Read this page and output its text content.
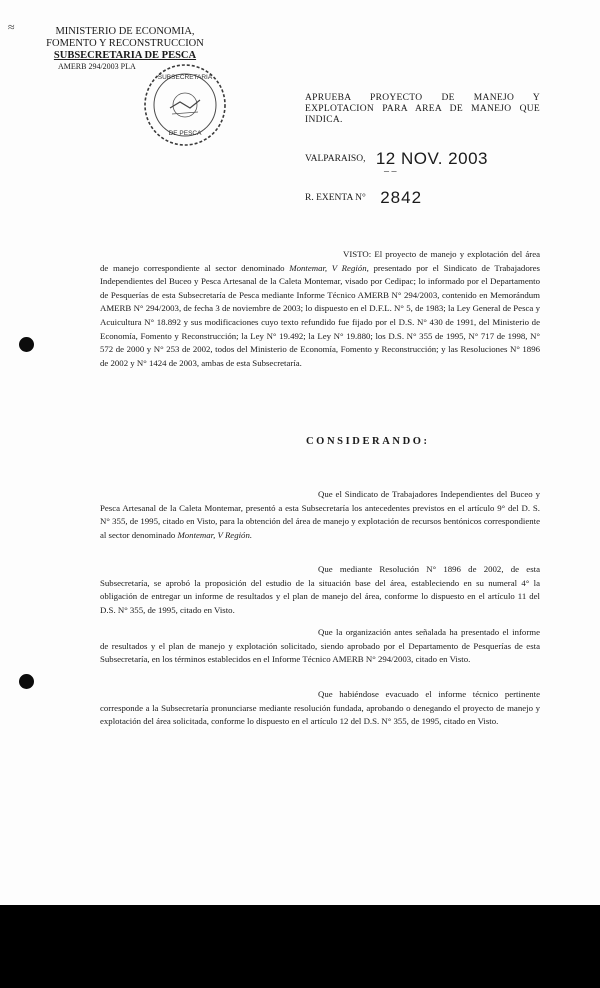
≈	MINISTERIO DE ECONOMIA,
FOMENTO Y RECONSTRUCCION
SUBSECRETARIA DE PESCA
AMERB 294/2003 PLA
SUBSECRETARIA
DE PESCA
APRUEBA PROYECTO DE MANEJO Y EXPLOTACION PARA AREA DE MANEJO QUE INDICA.
VALPARAISO, 12 NOV. 2003
– –
R. EXENTA N° 2842
VISTO: El proyecto de manejo y explotación del área de manejo correspondiente al sector denominado Montemar, V Región, presentado por el Sindicato de Trabajadores Independientes del Buceo y Pesca Artesanal de la Caleta Montemar, visado por Cedipac; lo informado por el Departamento de Pesquerías de esta Subsecretaría de Pesca mediante Informe Técnico AMERB N° 294/2003, contenido en Memorándum AMERB N° 294/2003, de fecha 3 de noviembre de 2003; lo dispuesto en el D.F.L. N° 5, de 1983; la Ley General de Pesca y Acuicultura N° 18.892 y sus modificaciones cuyo texto refundido fue fijado por el D.S. N° 430 de 1991, del Ministerio de Economía, Fomento y Reconstrucción; la Ley N° 19.492; la Ley N° 19.880; los D.S. N° 355 de 1995, N° 717 de 1998, N° 572 de 2000 y N° 253 de 2002, todos del Ministerio de Economía, Fomento y Reconstrucción; y las Resoluciones N° 1896 de 2002 y N° 1424 de 2003, ambas de esta Subsecretaría.
CONSIDERANDO:
Que el Sindicato de Trabajadores Independientes del Buceo y Pesca Artesanal de la Caleta Montemar, presentó a esta Subsecretaría los antecedentes previstos en el artículo 9° del D. S. N° 355, de 1995, citado en Visto, para la obtención del área de manejo y explotación de recursos bentónicos correspondiente al sector denominado Montemar, V Región.
Que mediante Resolución N° 1896 de 2002, de esta Subsecretaría, se aprobó la proposición del estudio de la situación base del área, estableciendo en su numeral 4° la obligación de entregar un informe de resultados y el plan de manejo del área, conforme lo dispuesto en el artículo 11 del D.S. N° 355, de 1995, citado en Visto.
Que la organización antes señalada ha presentado el informe de resultados y el plan de manejo y explotación solicitado, siendo aprobado por el Departamento de Pesquerías de esta Subsecretaría, en los términos establecidos en el Informe Técnico AMERB N° 294/2003, citado en Visto.
Que habiéndose evacuado el informe técnico pertinente corresponde a la Subsecretaría pronunciarse mediante resolución fundada, aprobando o denegando el proyecto de manejo y explotación del área solicitada, conforme lo dispuesto en el artículo 12 del D.S. N° 355, de 1995, citado en Visto.
